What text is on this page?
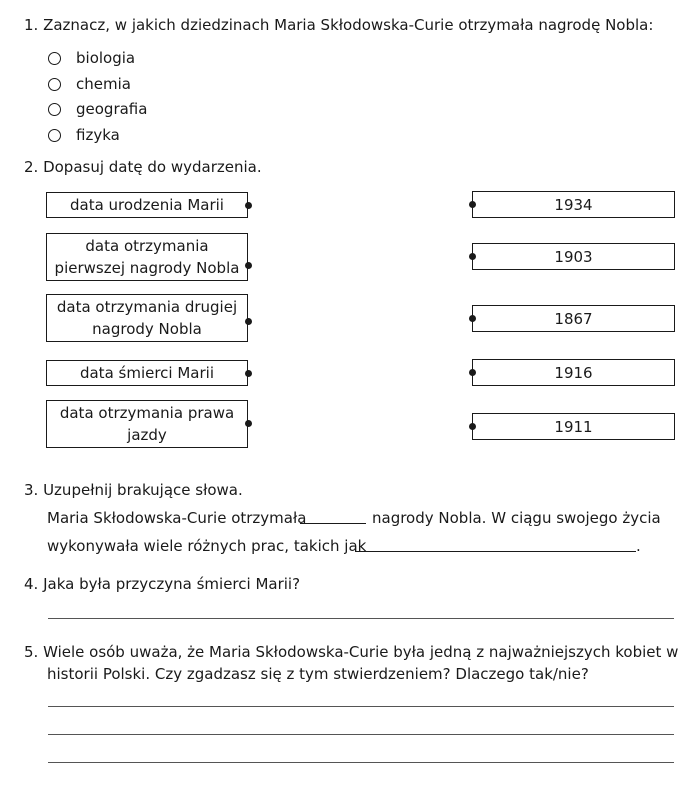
1. Zaznacz, w jakich dziedzinach Maria Skłodowska-Curie otrzymała nagrodę Nobla:
biologia
chemia
geografia
fizyka
2. Dopasuj datę do wydarzenia.
data urodzenia Marii
data otrzymania pierwszej nagrody Nobla
data otrzymania drugiej nagrody Nobla
data śmierci Marii
data otrzymania prawa jazdy
1934
1903
1867
1916
1911
3. Uzupełnij brakujące słowa.
Maria Skłodowska-Curie otrzymała	nagrody Nobla. W ciągu swojego życia
wykonywała wiele różnych prac, takich jak	.
4. Jaka była przyczyna śmierci Marii?
5. Wiele osób uważa, że Maria Skłodowska-Curie była jedną z najważniejszych kobiet w
historii Polski. Czy zgadzasz się z tym stwierdzeniem? Dlaczego tak/nie?
